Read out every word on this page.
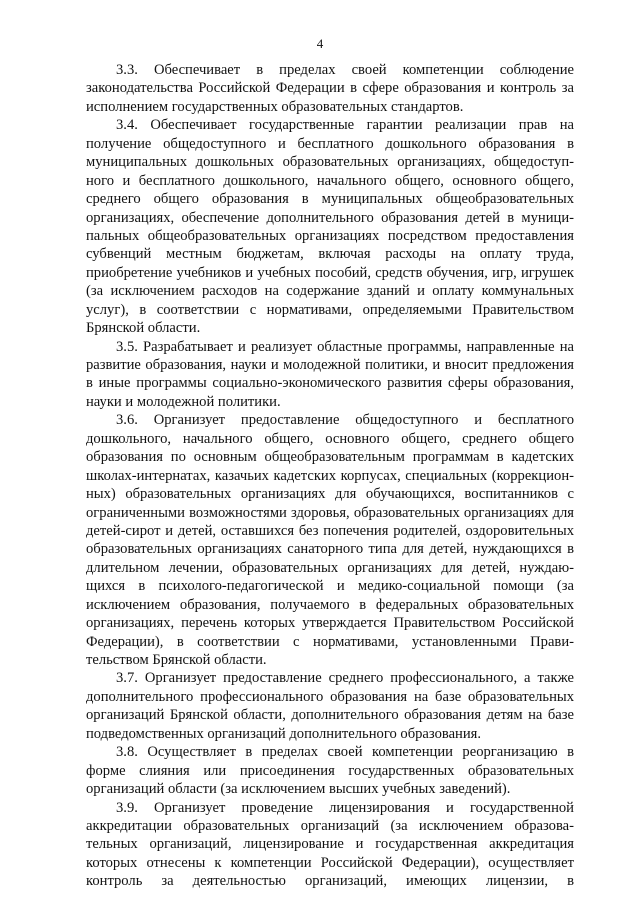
4
3.3. Обеспечивает в пределах своей компетенции соблюдение
законодательства Российской Федерации в сфере образования и контроль за
исполнением государственных образовательных стандартов.
3.4. Обеспечивает государственные гарантии реализации прав на
получение общедоступного и бесплатного дошкольного образования в
муниципальных дошкольных образовательных организациях, общедоступ-
ного и бесплатного дошкольного, начального общего, основного общего,
среднего общего образования в муниципальных общеобразовательных
организациях, обеспечение дополнительного образования детей в муници-
пальных общеобразовательных организациях посредством предоставления
субвенций местным бюджетам, включая расходы на оплату труда,
приобретение учебников и учебных пособий, средств обучения, игр, игрушек
(за исключением расходов на содержание зданий и оплату коммунальных
услуг), в соответствии с нормативами, определяемыми Правительством
Брянской области.
3.5. Разрабатывает и реализует областные программы, направленные на
развитие образования, науки и молодежной политики, и вносит предложения
в иные программы социально-экономического развития сферы образования,
науки и молодежной политики.
3.6. Организует предоставление общедоступного и бесплатного
дошкольного, начального общего, основного общего, среднего общего
образования по основным общеобразовательным программам в кадетских
школах-интернатах, казачьих кадетских корпусах, специальных (коррекцион-
ных) образовательных организациях для обучающихся, воспитанников с
ограниченными возможностями здоровья, образовательных организациях для
детей-сирот и детей, оставшихся без попечения родителей, оздоровительных
образовательных организациях санаторного типа для детей, нуждающихся в
длительном лечении, образовательных организациях для детей, нуждаю-
щихся в психолого-педагогической и медико-социальной помощи (за
исключением образования, получаемого в федеральных образовательных
организациях, перечень которых утверждается Правительством Российской
Федерации), в соответствии с нормативами, установленными Прави-
тельством Брянской области.
3.7. Организует предоставление среднего профессионального, а также
дополнительного профессионального образования на базе образовательных
организаций Брянской области, дополнительного образования детям на базе
подведомственных организаций дополнительного образования.
3.8. Осуществляет в пределах своей компетенции реорганизацию в
форме слияния или присоединения государственных образовательных
организаций области (за исключением высших учебных заведений).
3.9. Организует проведение лицензирования и государственной
аккредитации образовательных организаций (за исключением образова-
тельных организаций, лицензирование и государственная аккредитация
которых отнесены к компетенции Российской Федерации), осуществляет
контроль за деятельностью организаций, имеющих лицензии, в
